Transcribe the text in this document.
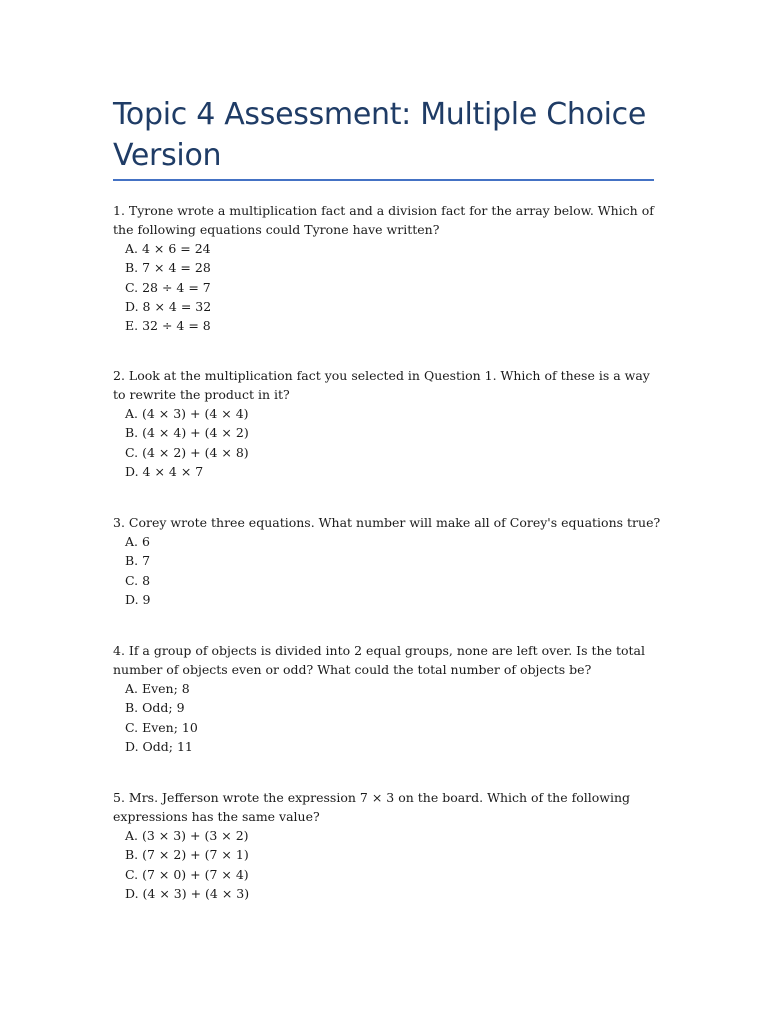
Topic 4 Assessment: Multiple Choice Version

1. Tyrone wrote a multiplication fact and a division fact for the array below. Which of the following equations could Tyrone have written?

A. 4 × 6 = 24
B. 7 × 4 = 28
C. 28 ÷ 4 = 7
D. 8 × 4 = 32
E. 32 ÷ 4 = 8

2. Look at the multiplication fact you selected in Question 1. Which of these is a way to rewrite the product in it?

A. (4 × 3) + (4 × 4)
B. (4 × 4) + (4 × 2)
C. (4 × 2) + (4 × 8)
D. 4 × 4 × 7

3. Corey wrote three equations. What number will make all of Corey's equations true?

A. 6
B. 7
C. 8
D. 9

4. If a group of objects is divided into 2 equal groups, none are left over. Is the total number of objects even or odd? What could the total number of objects be?

A. Even; 8
B. Odd; 9
C. Even; 10
D. Odd; 11

5. Mrs. Jefferson wrote the expression 7 × 3 on the board. Which of the following expressions has the same value?

A. (3 × 3) + (3 × 2)
B. (7 × 2) + (7 × 1)
C. (7 × 0) + (7 × 4)
D. (4 × 3) + (4 × 3)
